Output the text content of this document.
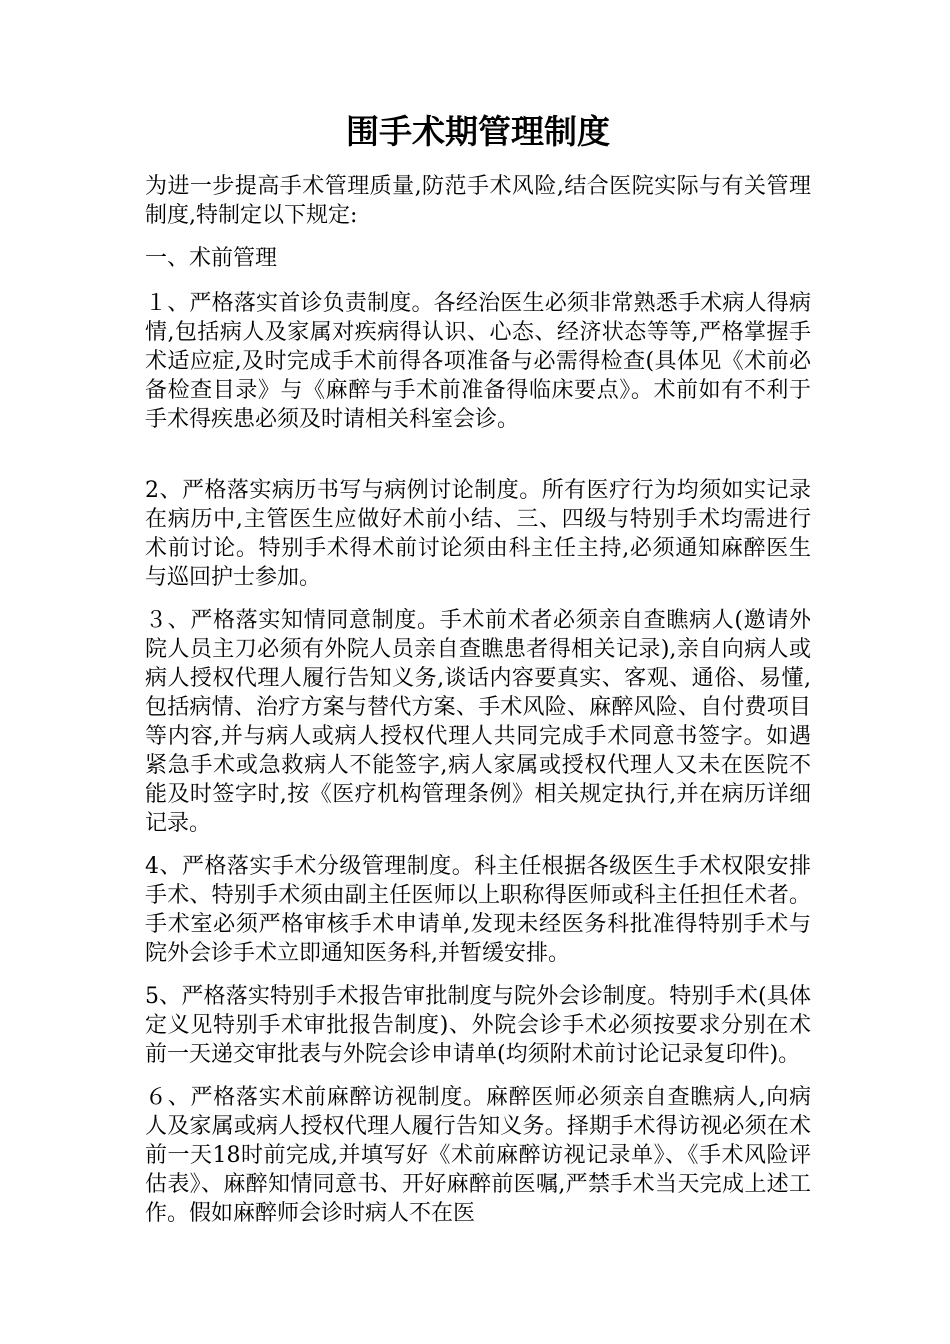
围手术期管理制度

为进一步提高手术管理质量,防范手术风险,结合医院实际与有关管理制度,特制定以下规定:

一、术前管理

１、严格落实首诊负责制度。各经治医生必须非常熟悉手术病人得病情,包括病人及家属对疾病得认识、心态、经济状态等等,严格掌握手术适应症,及时完成手术前得各项准备与必需得检查(具体见《术前必备检查目录》与《麻醉与手术前准备得临床要点》。术前如有不利于手术得疾患必须及时请相关科室会诊。

2、严格落实病历书写与病例讨论制度。所有医疗行为均须如实记录在病历中,主管医生应做好术前小结、三、四级与特别手术均需进行术前讨论。特别手术得术前讨论须由科主任主持,必须通知麻醉医生与巡回护士参加。

３、严格落实知情同意制度。手术前术者必须亲自查瞧病人(邀请外院人员主刀必须有外院人员亲自查瞧患者得相关记录),亲自向病人或病人授权代理人履行告知义务,谈话内容要真实、客观、通俗、易懂,包括病情、治疗方案与替代方案、手术风险、麻醉风险、自付费项目等内容,并与病人或病人授权代理人共同完成手术同意书签字。如遇紧急手术或急救病人不能签字,病人家属或授权代理人又未在医院不能及时签字时,按《医疗机构管理条例》相关规定执行,并在病历详细记录。

4、严格落实手术分级管理制度。科主任根据各级医生手术权限安排手术、特别手术须由副主任医师以上职称得医师或科主任担任术者。手术室必须严格审核手术申请单,发现未经医务科批准得特别手术与院外会诊手术立即通知医务科,并暂缓安排。

5、严格落实特别手术报告审批制度与院外会诊制度。特别手术(具体定义见特别手术审批报告制度)、外院会诊手术必须按要求分别在术前一天递交审批表与外院会诊申请单(均须附术前讨论记录复印件)。

６、严格落实术前麻醉访视制度。麻醉医师必须亲自查瞧病人,向病人及家属或病人授权代理人履行告知义务。择期手术得访视必须在术前一天18时前完成,并填写好《术前麻醉访视记录单》、《手术风险评估表》、麻醉知情同意书、开好麻醉前医嘱,严禁手术当天完成上述工作。假如麻醉师会诊时病人不在医
